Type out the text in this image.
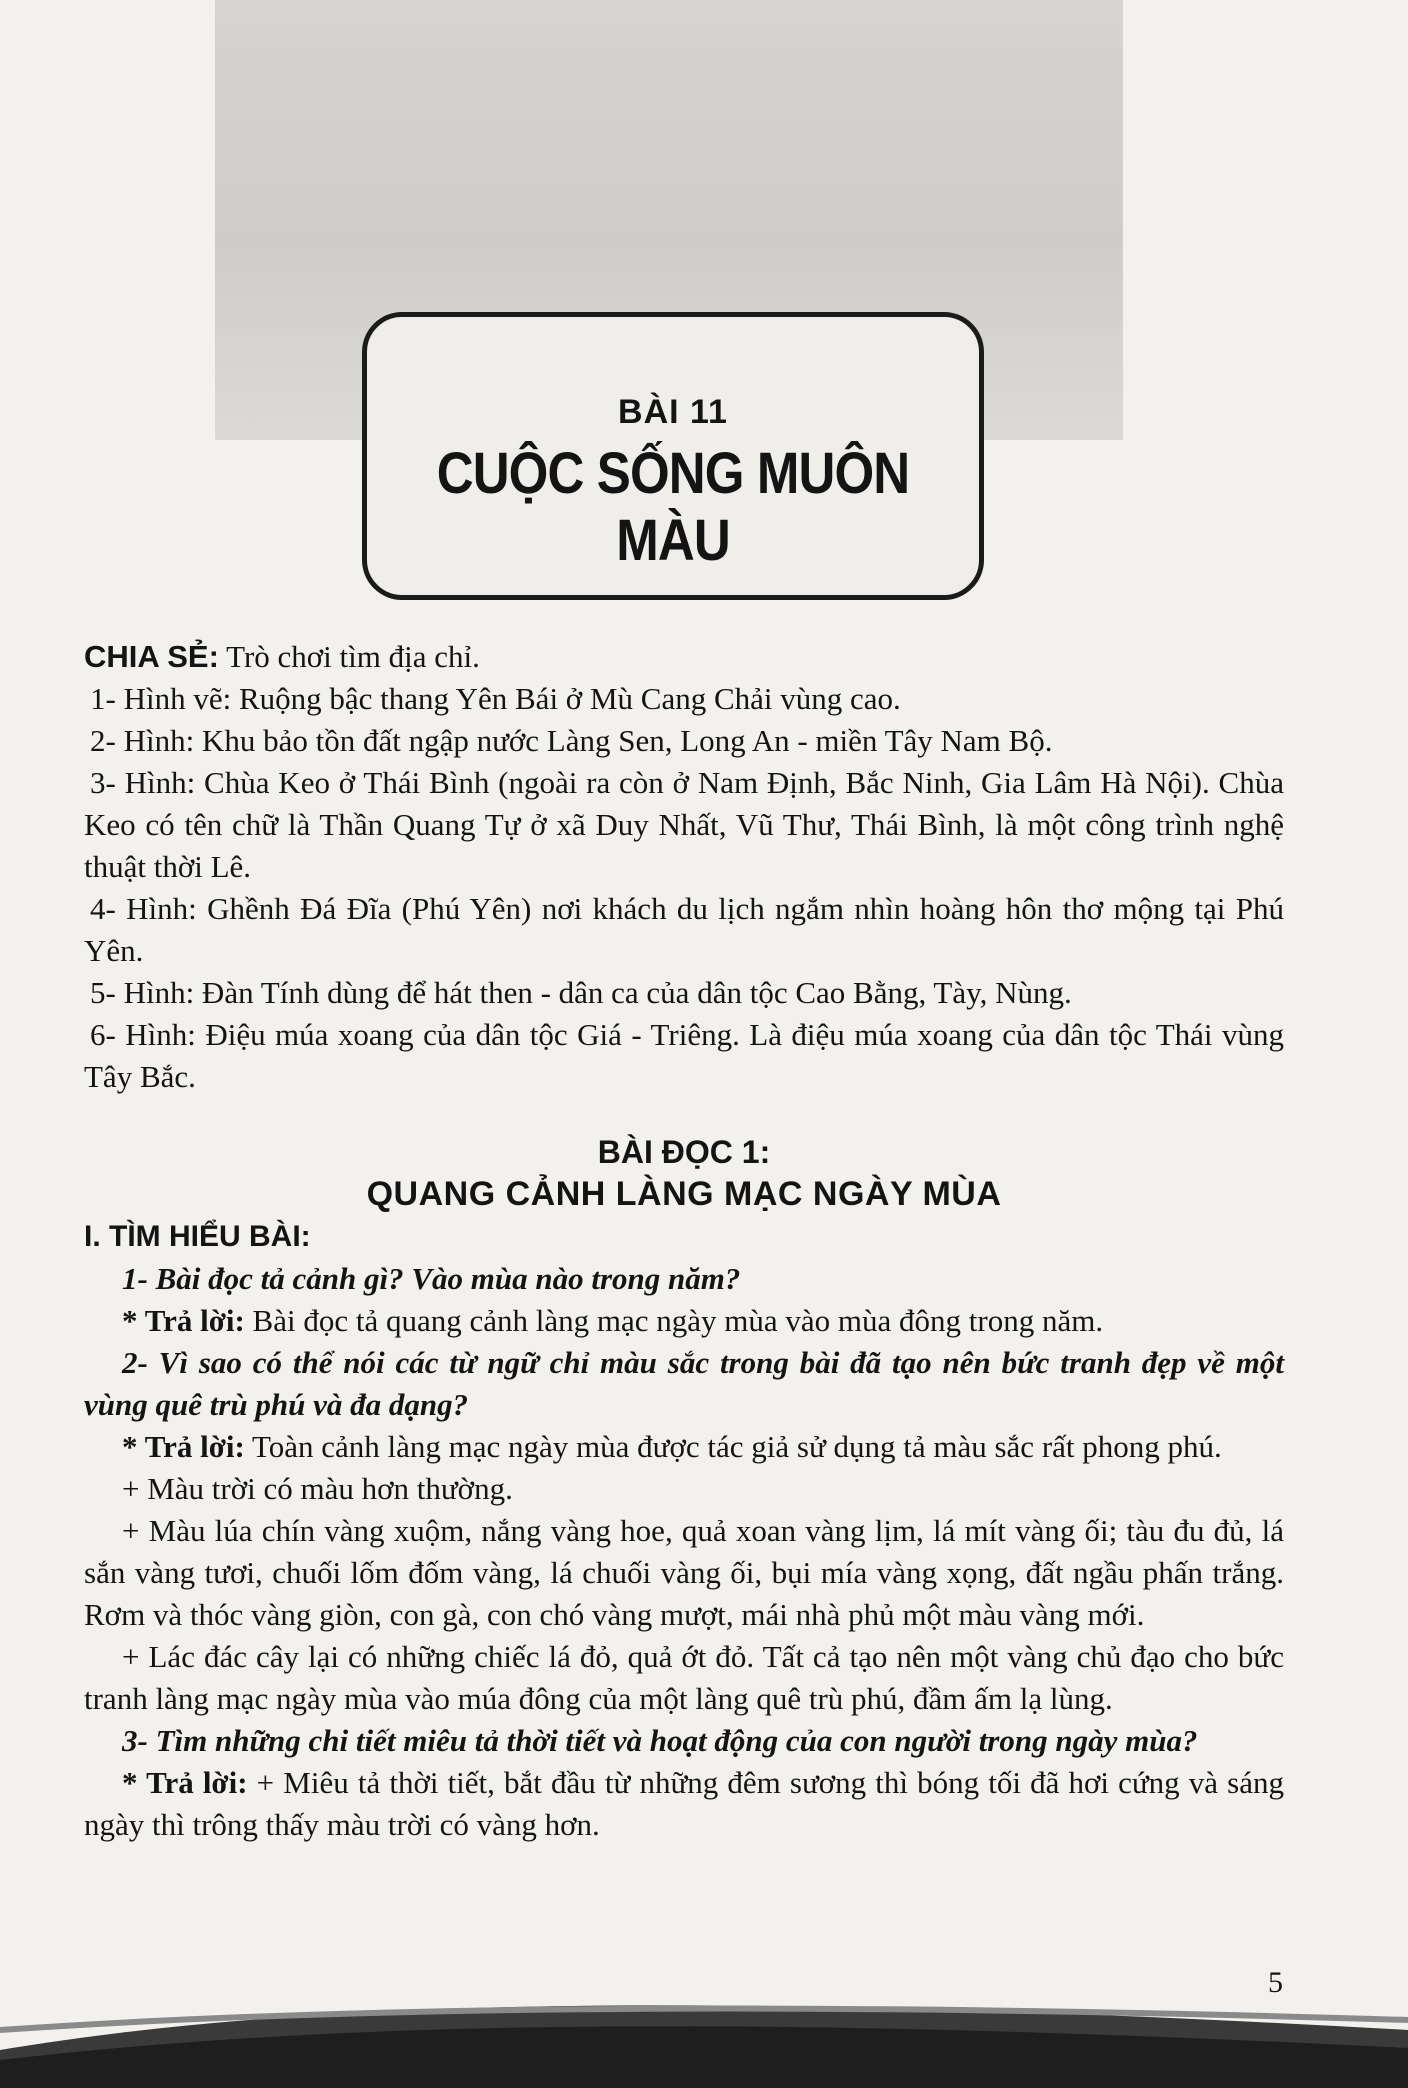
BÀI 11
CUỘC SỐNG MUÔN MÀU

CHIA SẺ: Trò chơi tìm địa chỉ.

1- Hình vẽ: Ruộng bậc thang Yên Bái ở Mù Cang Chải vùng cao.

2- Hình: Khu bảo tồn đất ngập nước Làng Sen, Long An - miền Tây Nam Bộ.

3- Hình: Chùa Keo ở Thái Bình (ngoài ra còn ở Nam Định, Bắc Ninh, Gia Lâm Hà Nội). Chùa Keo có tên chữ là Thần Quang Tự ở xã Duy Nhất, Vũ Thư, Thái Bình, là một công trình nghệ thuật thời Lê.

4- Hình: Ghềnh Đá Đĩa (Phú Yên) nơi khách du lịch ngắm nhìn hoàng hôn thơ mộng tại Phú Yên.

5- Hình: Đàn Tính dùng để hát then - dân ca của dân tộc Cao Bằng, Tày, Nùng.

6- Hình: Điệu múa xoang của dân tộc Giá - Triêng. Là điệu múa xoang của dân tộc Thái vùng Tây Bắc.

BÀI ĐỌC 1:
QUANG CẢNH LÀNG MẠC NGÀY MÙA

I. TÌM HIỂU BÀI:

1- Bài đọc tả cảnh gì? Vào mùa nào trong năm?

* Trả lời: Bài đọc tả quang cảnh làng mạc ngày mùa vào mùa đông trong năm.

2- Vì sao có thể nói các từ ngữ chỉ màu sắc trong bài đã tạo nên bức tranh đẹp về một vùng quê trù phú và đa dạng?

* Trả lời: Toàn cảnh làng mạc ngày mùa được tác giả sử dụng tả màu sắc rất phong phú.

+ Màu trời có màu hơn thường.

+ Màu lúa chín vàng xuộm, nắng vàng hoe, quả xoan vàng lịm, lá mít vàng ối; tàu đu đủ, lá sắn vàng tươi, chuối lốm đốm vàng, lá chuối vàng ối, bụi mía vàng xọng, đất ngầu phấn trắng. Rơm và thóc vàng giòn, con gà, con chó vàng mượt, mái nhà phủ một màu vàng mới.

+ Lác đác cây lại có những chiếc lá đỏ, quả ớt đỏ. Tất cả tạo nên một vàng chủ đạo cho bức tranh làng mạc ngày mùa vào múa đông của một làng quê trù phú, đầm ấm lạ lùng.

3- Tìm những chi tiết miêu tả thời tiết và hoạt động của con người trong ngày mùa?

* Trả lời: + Miêu tả thời tiết, bắt đầu từ những đêm sương thì bóng tối đã hơi cứng và sáng ngày thì trông thấy màu trời có vàng hơn.

5
